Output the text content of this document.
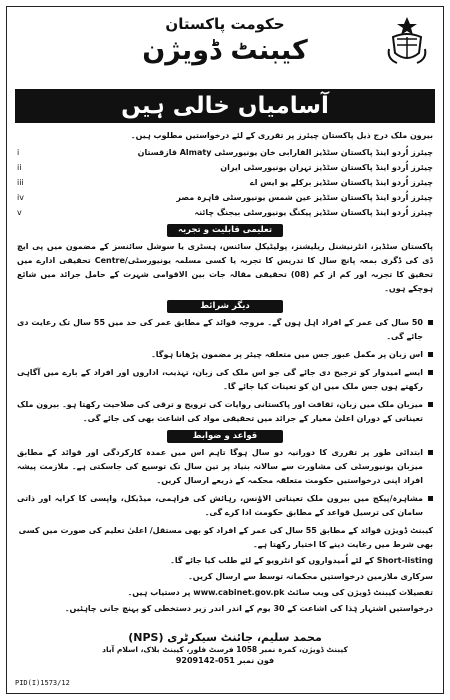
حکومت پاکستان
کیبنٹ ڈویژن
آسامیاں خالی ہیں
بیرون ملک درج ذیل پاکستان چیئرز پر تقرری کے لئے درخواستیں مطلوب ہیں۔
چیئرز اُردو اینڈ پاکستان سٹڈیز الفارابی خان یونیورسٹی Almaty قازقستان
i
چیئرز اُردو اینڈ پاکستان سٹڈیز تہران یونیورسٹی ایران
ii
چیئرز اُردو اینڈ پاکستان سٹڈیز برکلے یو ایس اے
iii
چیئرز اُردو اینڈ پاکستان سٹڈیز عین شمس یونیورسٹی قاہرہ مصر
iv
چیئرز اُردو اینڈ پاکستان سٹڈیز پیکنگ یونیورسٹی بیجنگ چائنہ
v
تعلیمی قابلیت و تجربہ

پاکستان سٹڈیز، انٹرنیشنل ریلیشنز، پولیٹیکل سائنس، ہسٹری یا سوشل سائنسز کے مضمون میں پی ایچ ڈی کی ڈگری بمعہ پانچ سال کا تدریس کا تجربہ یا کسی مسلمہ یونیورسٹی/Centre تحقیقی ادارے میں تحقیق کا تجربہ اور کم از کم (08) تحقیقی مقالہ جات بین الاقوامی شہرت کے حامل جرائد میں شائع ہوچکے ہوں۔

دیگر شرائط
50 سال کی عمر کے افراد اہل ہوں گے۔ مروجہ قوائد کے مطابق عمر کی حد میں 55 سال تک رعایت دی جائے گی۔
اس زبان پر مکمل عبور جس میں متعلقہ چیئر پر مضمون پڑھانا ہوگا۔
ایسے امیدوار کو ترجیح دی جائے گی جو اس ملک کی زبان، تہذیب، اداروں اور افراد کے بارے میں آگاہی رکھتے ہوں جس ملک میں ان کو تعینات کیا جائے گا۔
میزبان ملک میں زبان، ثقافت اور پاکستانی روایات کی ترویج و ترقی کی صلاحیت رکھتا ہو۔ بیرون ملک تعیناتی کے دوران اعلیٰ معیار کے جرائد میں تحقیقی مواد کی اشاعت بھی کی جائے گی۔
قواعد و ضوابط
ابتدائی طور پر تقرری کا دورانیہ دو سال ہوگا تاہم اس میں عمدہ کارکردگی اور قوائد کے مطابق میزبان یونیورسٹی کی مشاورت سے سالانہ بنیاد پر تین سال تک توسیع کی جاسکتی ہے۔ ملازمت پیشہ افراد اپنی درخواستیں حکومت متعلقہ محکمہ کے ذریعے ارسال کریں۔
مشاہرہ/پیکج میں بیرون ملک تعیناتی الاؤنس، رہائش کی فراہمی، میڈیکل، واپسی کا کرایہ اور ذاتی سامان کی ترسیل قواعد کے مطابق حکومت ادا کرے گی۔

کیبنٹ ڈویژن قوائد کے مطابق 55 سال کی عمر کے افراد کو بھی مستقل/ اعلیٰ تعلیم کی صورت میں کسی بھی شرط میں رعایت دینے کا اختیار رکھتا ہے۔

Short-listing کے لئے اُمیدواروں کو انٹرویو کے لئے طلب کیا جائے گا۔

سرکاری ملازمین درخواستیں محکمانہ توسط سے ارسال کریں۔

تفصیلات کیبنٹ ڈویژن کی ویب سائٹ www.cabinet.gov.pk پر دستیاب ہیں۔

درخواستیں اشتہار ہٰذا کی اشاعت کے 30 یوم کے اندر اندر زیر دستخطی کو پہنچ جانی چاہئیں۔

محمد سلیم، جائنٹ سیکرٹری (NPS)
کیبنٹ ڈویژن، کمرہ نمبر 1058 فرسٹ فلور، کیبنٹ بلاک، اسلام آباد
فون نمبر 051-9209142
PID(I)1573/12
